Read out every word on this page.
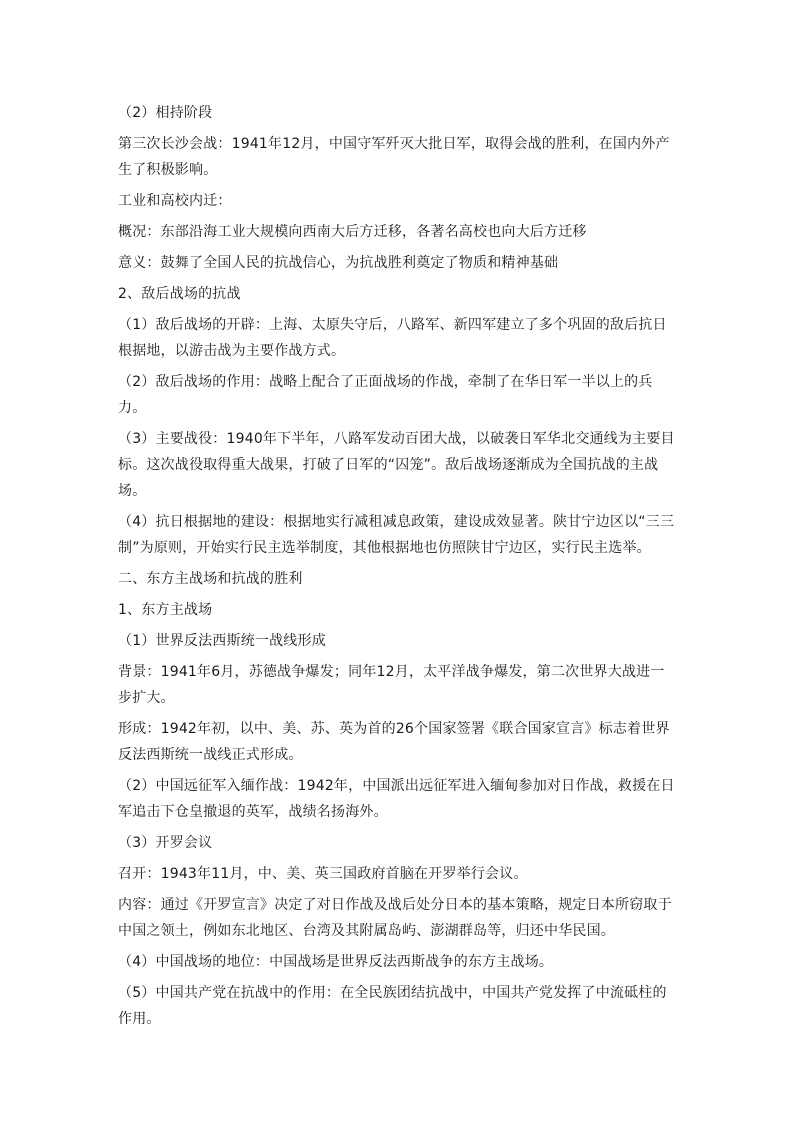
（2）相持阶段

第三次长沙会战：1941年12月，中国守军歼灭大批日军，取得会战的胜利，在国内外产生了积极影响。

工业和高校内迁：

概况：东部沿海工业大规模向西南大后方迁移，各著名高校也向大后方迁移

意义：鼓舞了全国人民的抗战信心，为抗战胜利奠定了物质和精神基础

2、敌后战场的抗战

（1）敌后战场的开辟：上海、太原失守后，八路军、新四军建立了多个巩固的敌后抗日根据地，以游击战为主要作战方式。

（2）敌后战场的作用：战略上配合了正面战场的作战，牵制了在华日军一半以上的兵力。

（3）主要战役：1940年下半年，八路军发动百团大战，以破袭日军华北交通线为主要目标。这次战役取得重大战果，打破了日军的“囚笼”。敌后战场逐渐成为全国抗战的主战场。

（4）抗日根据地的建设：根据地实行减租减息政策，建设成效显著。陕甘宁边区以“三三制”为原则，开始实行民主选举制度，其他根据地也仿照陕甘宁边区，实行民主选举。

二、东方主战场和抗战的胜利

1、东方主战场

（1）世界反法西斯统一战线形成

背景：1941年6月，苏德战争爆发；同年12月，太平洋战争爆发，第二次世界大战进一步扩大。

形成：1942年初，以中、美、苏、英为首的26个国家签署《联合国家宣言》标志着世界反法西斯统一战线正式形成。

（2）中国远征军入缅作战：1942年，中国派出远征军进入缅甸参加对日作战，救援在日军追击下仓皇撤退的英军，战绩名扬海外。

（3）开罗会议

召开：1943年11月，中、美、英三国政府首脑在开罗举行会议。

内容：通过《开罗宣言》决定了对日作战及战后处分日本的基本策略，规定日本所窃取于中国之领土，例如东北地区、台湾及其附属岛屿、澎湖群岛等，归还中华民国。

（4）中国战场的地位：中国战场是世界反法西斯战争的东方主战场。

（5）中国共产党在抗战中的作用：在全民族团结抗战中，中国共产党发挥了中流砥柱的作用。
